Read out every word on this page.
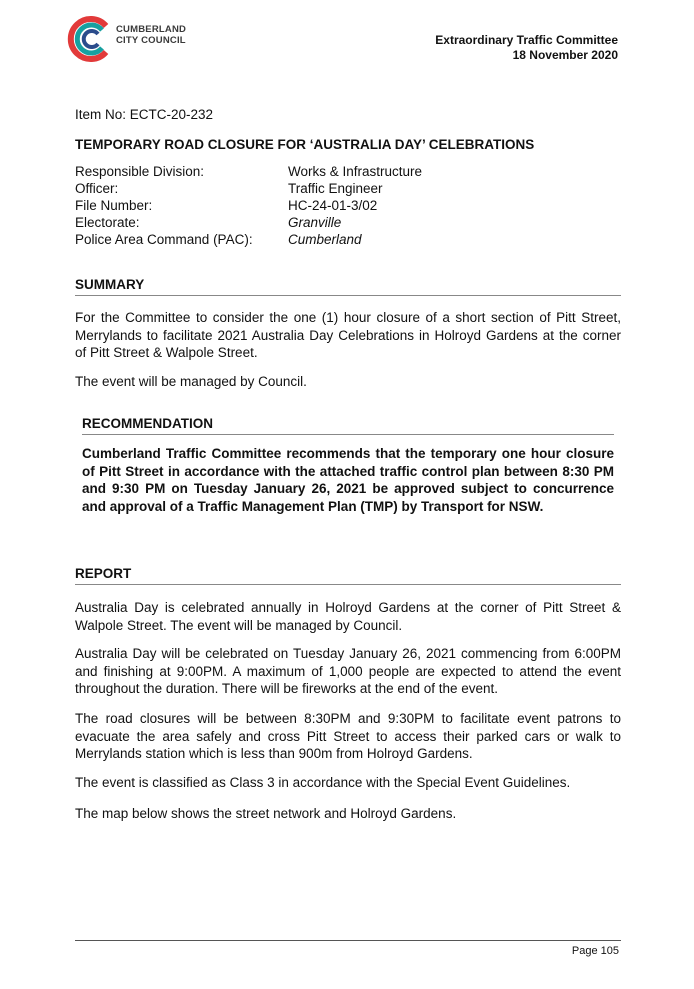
CUMBERLAND
CITY COUNCIL	Extraordinary Traffic Committee
18 November 2020
Item No: ECTC-20-232
TEMPORARY ROAD CLOSURE FOR ‘AUSTRALIA DAY’ CELEBRATIONS
Responsible Division:	Works & Infrastructure
Officer:	Traffic Engineer
File Number:	HC-24-01-3/02
Electorate:	Granville
Police Area Command (PAC):	Cumberland
SUMMARY
For the Committee to consider the one (1) hour closure of a short section of Pitt Street, Merrylands to facilitate 2021 Australia Day Celebrations in Holroyd Gardens at the corner of Pitt Street & Walpole Street.
The event will be managed by Council.
RECOMMENDATION
Cumberland Traffic Committee recommends that the temporary one hour closure of Pitt Street in accordance with the attached traffic control plan between 8:30 PM and 9:30 PM on Tuesday January 26, 2021 be approved subject to concurrence and approval of a Traffic Management Plan (TMP) by Transport for NSW.
REPORT
Australia Day is celebrated annually in Holroyd Gardens at the corner of Pitt Street & Walpole Street. The event will be managed by Council.
Australia Day will be celebrated on Tuesday January 26, 2021 commencing from 6:00PM and finishing at 9:00PM. A maximum of 1,000 people are expected to attend the event throughout the duration. There will be fireworks at the end of the event.
The road closures will be between 8:30PM and 9:30PM to facilitate event patrons to evacuate the area safely and cross Pitt Street to access their parked cars or walk to Merrylands station which is less than 900m from Holroyd Gardens.
The event is classified as Class 3 in accordance with the Special Event Guidelines.
The map below shows the street network and Holroyd Gardens.
Page 105
